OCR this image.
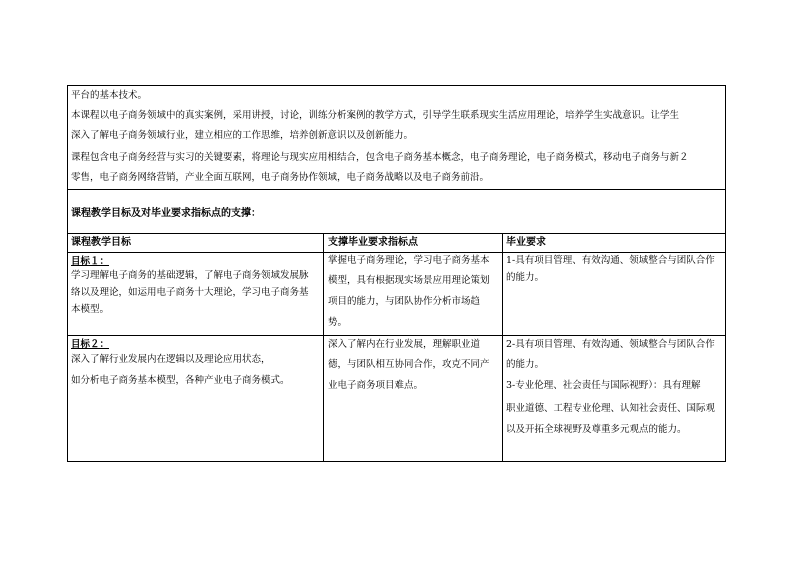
平台的基本技术。
本课程以电子商务领域中的真实案例，采用讲授，讨论，训练分析案例的教学方式，引导学生联系现实生活应用理论，培养学生实战意识。让学生
深入了解电子商务领域行业，建立相应的工作思维，培养创新意识以及创新能力。
课程包含电子商务经营与实习的关键要素，将理论与现实应用相结合，包含电子商务基本概念，电子商务理论，电子商务模式，移动电子商务与新２
零售，电子商务网络营销，产业全面互联网，电子商务协作领域，电子商务战略以及电子商务前沿。
课程教学目标及对毕业要求指标点的支撑：
课程教学目标	支撑毕业要求指标点	毕业要求
目标１：
学习理解电子商务的基础逻辑，了解电子商务领域发展脉
络以及理论，如运用电子商务十大理论，学习电子商务基
本模型。
掌握电子商务理论，学习电子商务基本
模型，具有根据现实场景应用理论策划
项目的能力，与团队协作分析市场趋
势。
1-具有项目管理、有效沟通、领域整合与团队合作
的能力。
目标２：
深入了解行业发展内在逻辑以及理论应用状态，
如分析电子商务基本模型，各种产业电子商务模式。
深入了解内在行业发展，理解职业道
德，与团队相互协同合作，攻克不同产
业电子商务项目难点。
2-具有项目管理、有效沟通、领域整合与团队合作
的能力。
3-专业伦理、社会责任与国际视野）：具有理解
职业道德、工程专业伦理、认知社会责任、国际观
以及开拓全球视野及尊重多元观点的能力。
